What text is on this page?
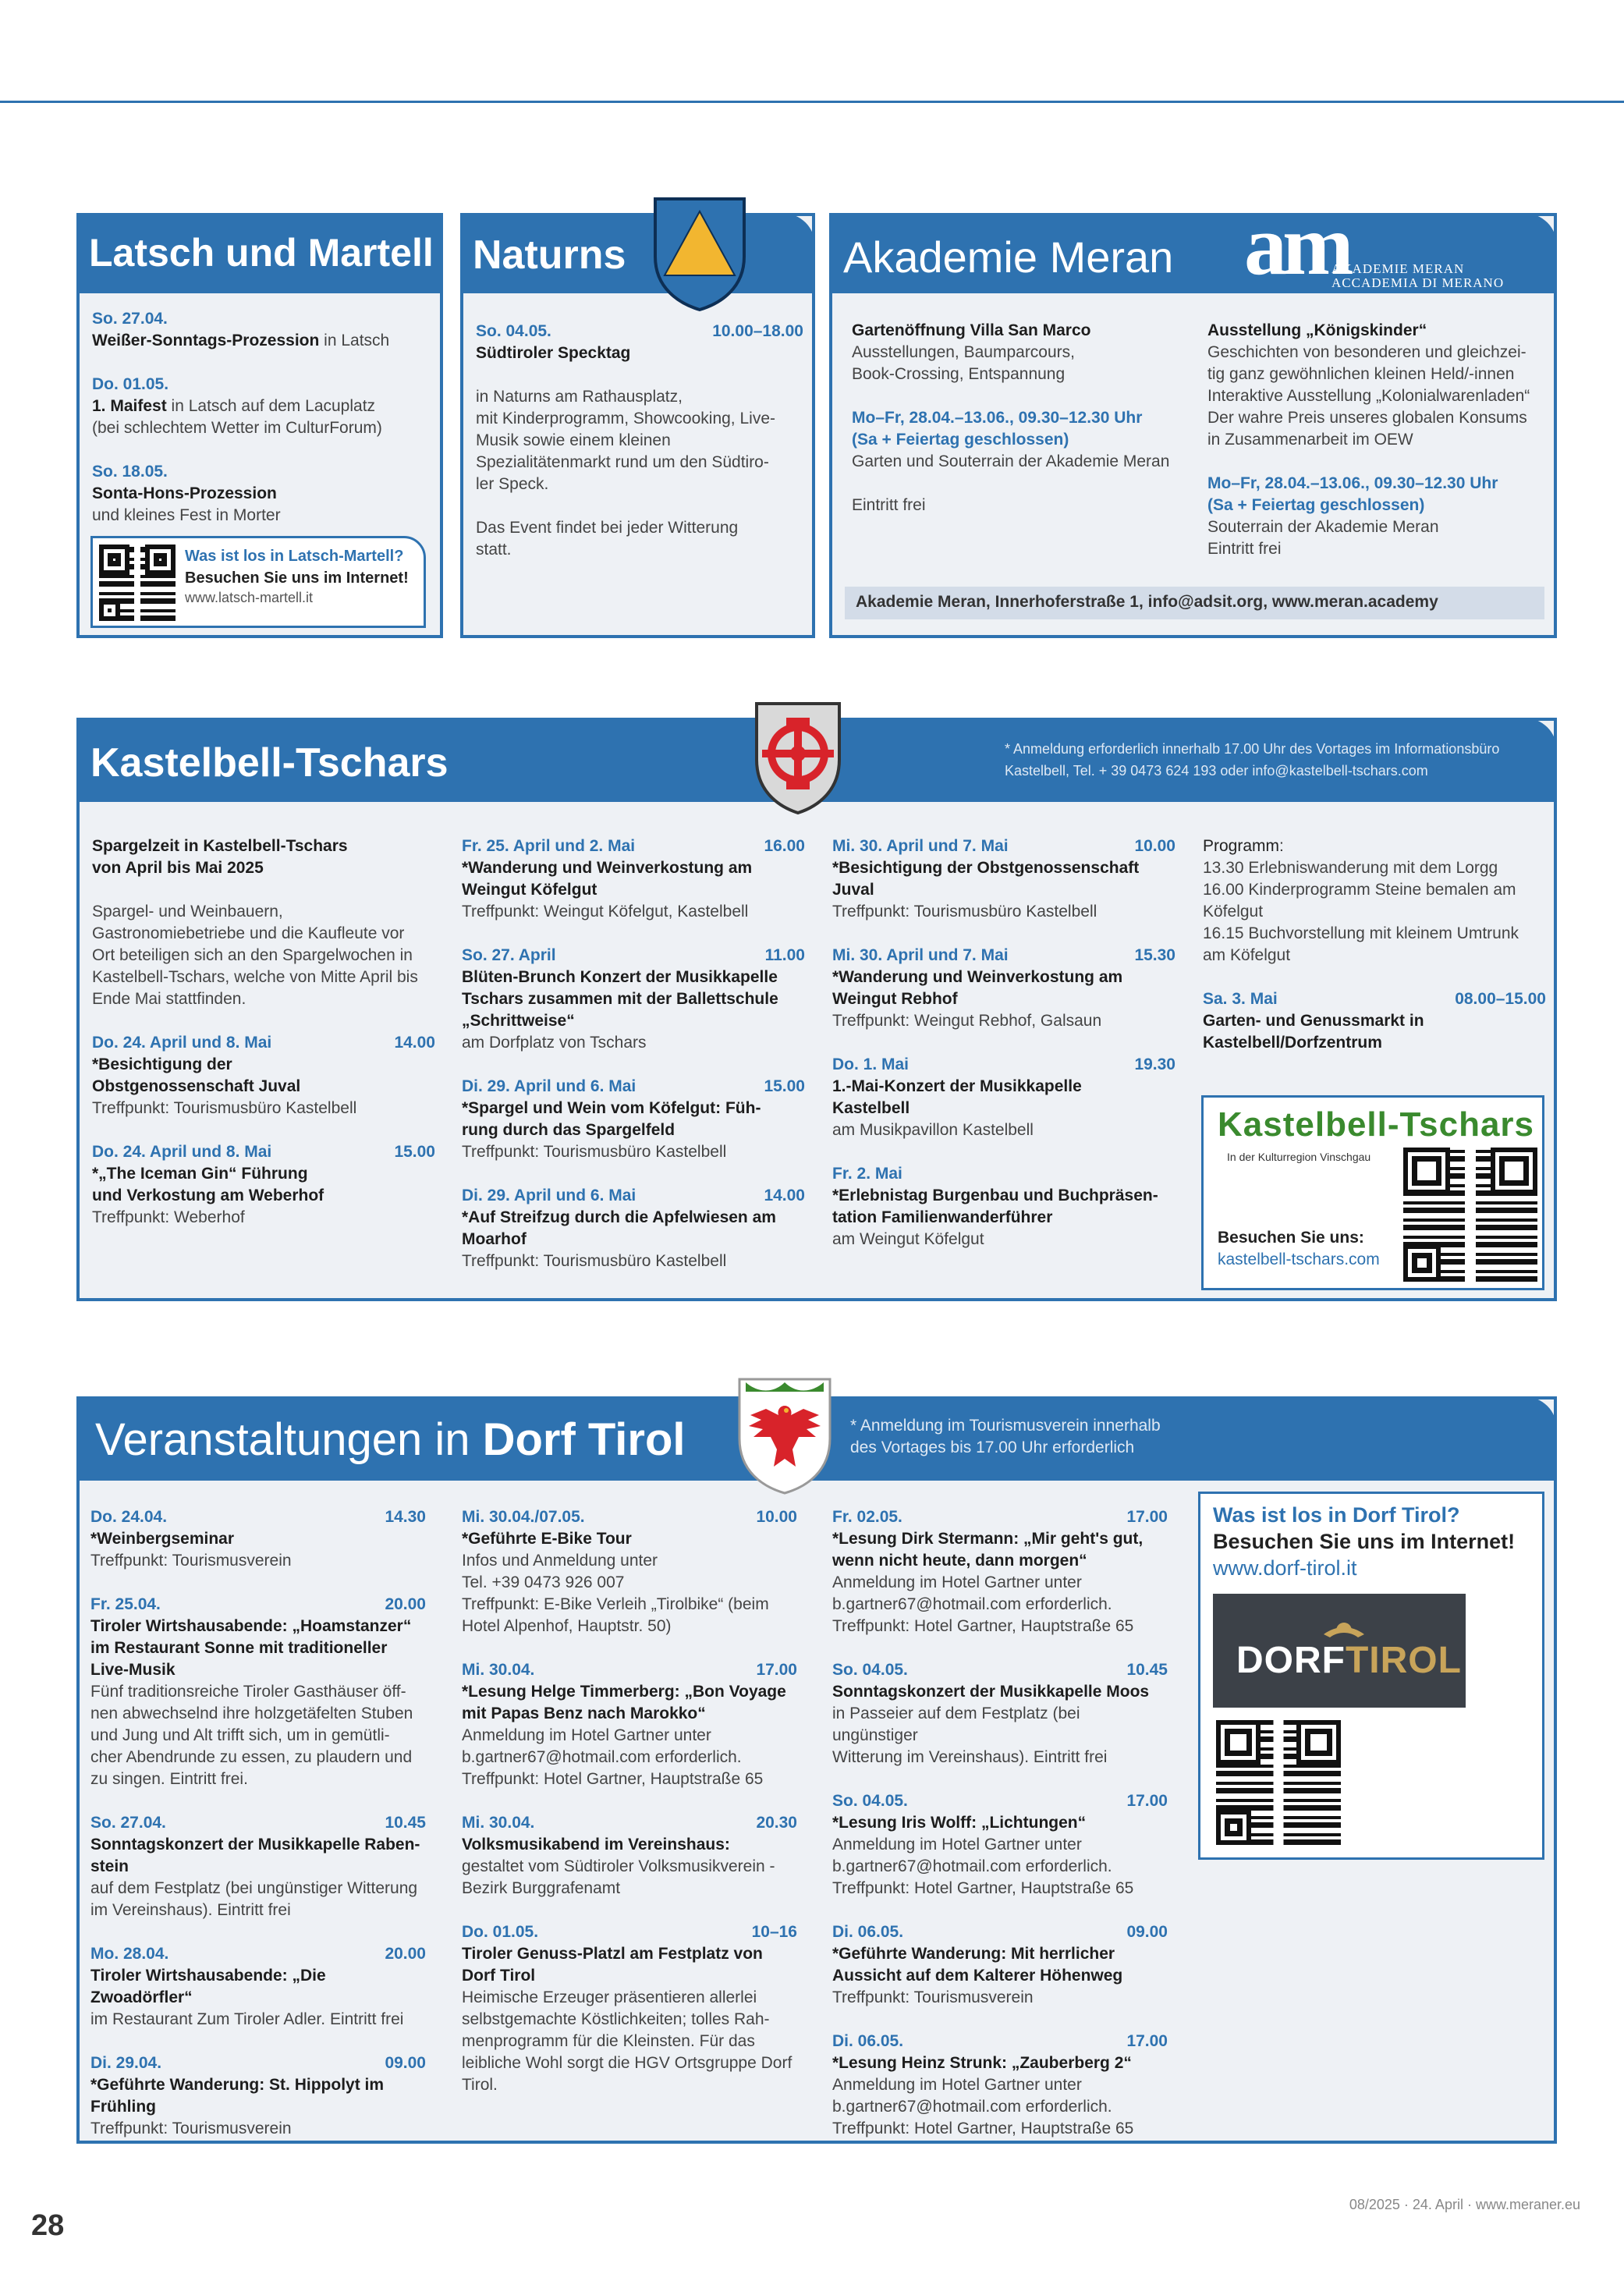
Latsch und Martell
So. 27.04.
Weißer-Sonntags-Prozession in Latsch
Do. 01.05.
1. Maifest in Latsch auf dem Lacuplatz
(bei schlechtem Wetter im CulturForum)
So. 18.05.
Sonta-Hons-Prozession
und kleines Fest in Morter
Was ist los in Latsch-Martell?
Besuchen Sie uns im Internet!
www.latsch-martell.it
Naturns
So. 04.05.	10.00–18.00
Südtiroler Specktag
in Naturns am Rathausplatz,
mit Kinderprogramm, Showcooking, Live-
Musik sowie einem kleinen
Spezialitätenmarkt rund um den Südtiro-
ler Speck.
Das Event findet bei jeder Witterung
statt.
Akademie Meran am
AKADEMIE MERAN
ACCADEMIA DI MERANO
Gartenöffnung Villa San Marco
Ausstellungen, Baumparcours,
Book-Crossing, Entspannung
Mo–Fr, 28.04.–13.06., 09.30–12.30 Uhr
(Sa + Feiertag geschlossen)
Garten und Souterrain der Akademie Meran
Eintritt frei
Ausstellung „Königskinder“
Geschichten von besonderen und gleichzei-
tig ganz gewöhnlichen kleinen Held/-innen
Interaktive Ausstellung „Kolonialwarenladen“
Der wahre Preis unseres globalen Konsums
in Zusammenarbeit im OEW
Mo–Fr, 28.04.–13.06., 09.30–12.30 Uhr
(Sa + Feiertag geschlossen)
Souterrain der Akademie Meran
Eintritt frei
Akademie Meran, Innerhoferstraße 1, info@adsit.org, www.meran.academy
Kastelbell-Tschars	* Anmeldung erforderlich innerhalb 17.00 Uhr des Vortages im Informationsbüro
Kastelbell, Tel. + 39 0473 624 193 oder info@kastelbell-tschars.com
Spargelzeit in Kastelbell-Tschars
von April bis Mai 2025
Spargel- und Weinbauern,
Gastronomiebetriebe und die Kaufleute vor
Ort beteiligen sich an den Spargelwochen in
Kastelbell-Tschars, welche von Mitte April bis
Ende Mai stattfinden.
Do. 24. April und 8. Mai	14.00
*Besichtigung der
Obstgenossenschaft Juval
Treffpunkt: Tourismusbüro Kastelbell
Do. 24. April und 8. Mai	15.00
*„The Iceman Gin“ Führung
und Verkostung am Weberhof
Treffpunkt: Weberhof
Fr. 25. April und 2. Mai	16.00
*Wanderung und Weinverkostung am
Weingut Köfelgut
Treffpunkt: Weingut Köfelgut, Kastelbell
So. 27. April	11.00
Blüten-Brunch Konzert der Musikkapelle
Tschars zusammen mit der Ballettschule
„Schrittweise“
am Dorfplatz von Tschars
Di. 29. April und 6. Mai	15.00
*Spargel und Wein vom Köfelgut: Füh-
rung durch das Spargelfeld
Treffpunkt: Tourismusbüro Kastelbell
Di. 29. April und 6. Mai	14.00
*Auf Streifzug durch die Apfelwiesen am
Moarhof
Treffpunkt: Tourismusbüro Kastelbell
Mi. 30. April und 7. Mai	10.00
*Besichtigung der Obstgenossenschaft
Juval
Treffpunkt: Tourismusbüro Kastelbell
Mi. 30. April und 7. Mai	15.30
*Wanderung und Weinverkostung am
Weingut Rebhof
Treffpunkt: Weingut Rebhof, Galsaun
Do. 1. Mai	19.30
1.-Mai-Konzert der Musikkapelle
Kastelbell
am Musikpavillon Kastelbell
Fr. 2. Mai
*Erlebnistag Burgenbau und Buchpräsen-
tation Familienwanderführer
am Weingut Köfelgut
Programm:
13.30 Erlebniswanderung mit dem Lorgg
16.00 Kinderprogramm Steine bemalen am
Köfelgut
16.15 Buchvorstellung mit kleinem Umtrunk
am Köfelgut
Sa. 3. Mai	08.00–15.00
Garten- und Genussmarkt in
Kastelbell/Dorfzentrum
Kastelbell-Tschars
In der Kulturregion Vinschgau
Besuchen Sie uns:
kastelbell-tschars.com
Veranstaltungen in Dorf Tirol	* Anmeldung im Tourismusverein innerhalb
des Vortages bis 17.00 Uhr erforderlich
Do. 24.04.	14.30
*Weinbergseminar
Treffpunkt: Tourismusverein
Fr. 25.04.	20.00
Tiroler Wirtshausabende: „Hoamstanzer“
im Restaurant Sonne mit traditioneller
Live-Musik
Fünf traditionsreiche Tiroler Gasthäuser öff-
nen abwechselnd ihre holzgetäfelten Stuben
und Jung und Alt trifft sich, um in gemütli-
cher Abendrunde zu essen, zu plaudern und
zu singen. Eintritt frei.
So. 27.04.	10.45
Sonntagskonzert der Musikkapelle Raben-
stein
auf dem Festplatz (bei ungünstiger Witterung
im Vereinshaus). Eintritt frei
Mo. 28.04.	20.00
Tiroler Wirtshausabende: „Die Zwoadörfler“
im Restaurant Zum Tiroler Adler. Eintritt frei
Di. 29.04.	09.00
*Geführte Wanderung: St. Hippolyt im
Frühling
Treffpunkt: Tourismusverein
Mi. 30.04./07.05.	10.00
*Geführte E-Bike Tour
Infos und Anmeldung unter
Tel. +39 0473 926 007
Treffpunkt: E-Bike Verleih „Tirolbike“ (beim
Hotel Alpenhof, Hauptstr. 50)
Mi. 30.04.	17.00
*Lesung Helge Timmerberg: „Bon Voyage
mit Papas Benz nach Marokko“
Anmeldung im Hotel Gartner unter
b.gartner67@hotmail.com erforderlich.
Treffpunkt: Hotel Gartner, Hauptstraße 65
Mi. 30.04.	20.30
Volksmusikabend im Vereinshaus:
gestaltet vom Südtiroler Volksmusikverein -
Bezirk Burggrafenamt
Do. 01.05.	10–16
Tiroler Genuss-Platzl am Festplatz von
Dorf Tirol
Heimische Erzeuger präsentieren allerlei
selbstgemachte Köstlichkeiten; tolles Rah-
menprogramm für die Kleinsten. Für das
leibliche Wohl sorgt die HGV Ortsgruppe Dorf
Tirol.
Fr. 02.05.	17.00
*Lesung Dirk Stermann: „Mir geht's gut,
wenn nicht heute, dann morgen“
Anmeldung im Hotel Gartner unter
b.gartner67@hotmail.com erforderlich.
Treffpunkt: Hotel Gartner, Hauptstraße 65
So. 04.05.	10.45
Sonntagskonzert der Musikkapelle Moos
in Passeier auf dem Festplatz (bei ungünstiger
Witterung im Vereinshaus). Eintritt frei
So. 04.05.	17.00
*Lesung Iris Wolff: „Lichtungen“
Anmeldung im Hotel Gartner unter
b.gartner67@hotmail.com erforderlich.
Treffpunkt: Hotel Gartner, Hauptstraße 65
Di. 06.05.	09.00
*Geführte Wanderung: Mit herrlicher
Aussicht auf dem Kalterer Höhenweg
Treffpunkt: Tourismusverein
Di. 06.05.	17.00
*Lesung Heinz Strunk: „Zauberberg 2“
Anmeldung im Hotel Gartner unter
b.gartner67@hotmail.com erforderlich.
Treffpunkt: Hotel Gartner, Hauptstraße 65
Was ist los in Dorf Tirol?
Besuchen Sie uns im Internet!
www.dorf-tirol.it
DORFTIROL
28
08/2025 · 24. April · www.meraner.eu
